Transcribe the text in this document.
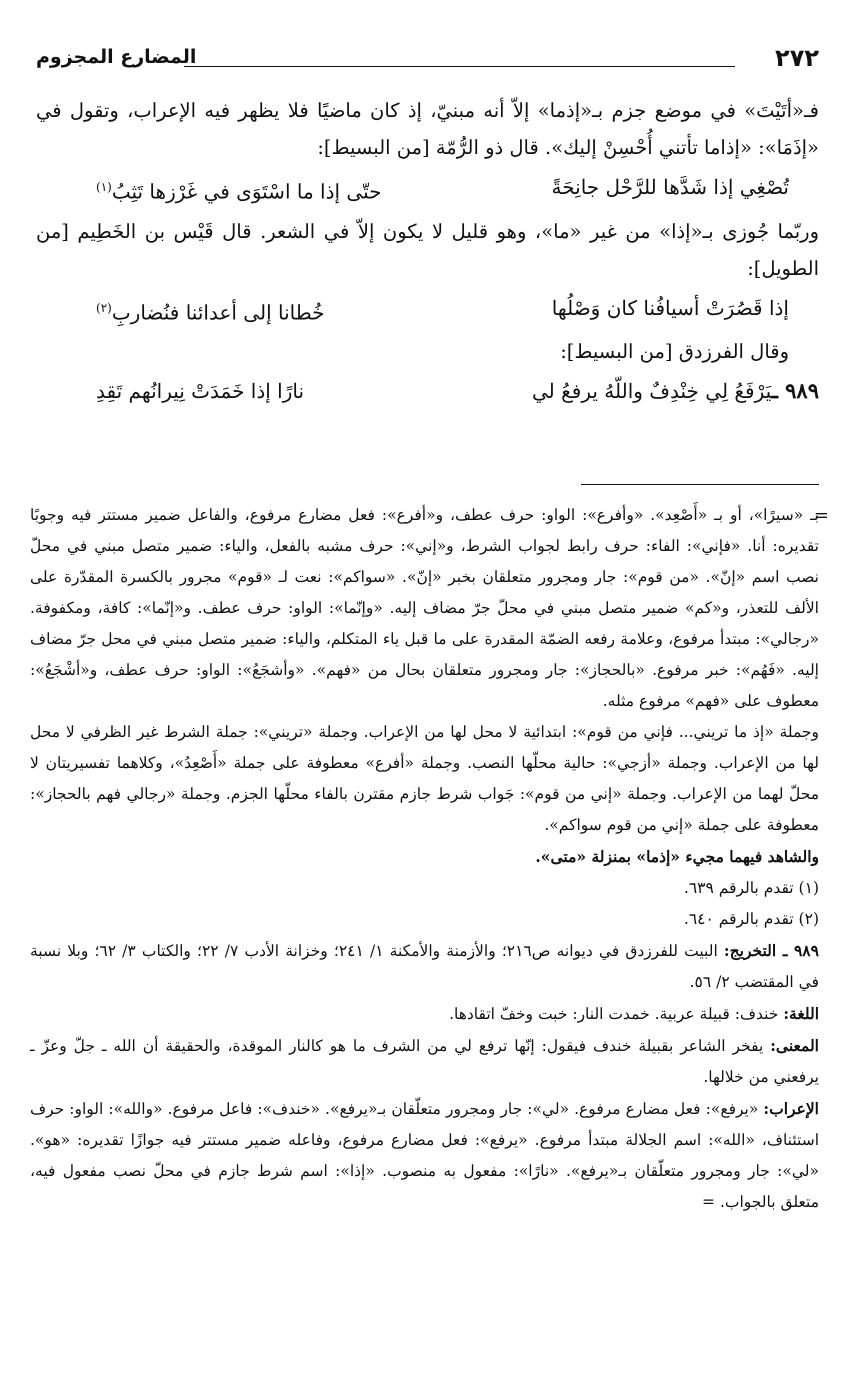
٢٧٢
المضارع المجزوم

فـ«أتَيْتَ» في موضع جزم بـ«إذما» إلاّ أنه مبنيّ، إذ كان ماضيًا فلا يظهر فيه الإعراب، وتقول في «إذَمَا»: «إذاما تأتني أُحْسِنْ إليك». قال ذو الرُّمّة [من البسيط]:

تُصْغِي إذا شَدَّها للرَّحْل جانِحَةً
حتّى إذا ما اسْتَوَى في غَرْزها تَثِبُ$^{(١)}$

وربّما جُوزى بـ«إذا» من غير «ما»، وهو قليل لا يكون إلاّ في الشعر. قال قَيْس بن الخَطِيم [من الطويل]:

إذا قَصُرَتْ أسيافُنا كان وَصْلُها
خُطانا إلى أعدائنا فنُضاربِ$^{(٢)}$

وقال الفرزدق [من البسيط]:

٩٨٩ ـيَرْفَعُ لِي خِنْدِفٌ واللّهُ يرفعُ لي
نارًا إذا خَمَدَتْ نِيرانُهم تَقِدِ
=

بـ «سيرًا»، أو بـ «أَصْعِد». «وأفرع»: الواو: حرف عطف، و«أفرع»: فعل مضارع مرفوع، والفاعل ضمير مستتر فيه وجوبًا تقديره: أنا. «فإني»: الفاء: حرف رابط لجواب الشرط، و«إني»: حرف مشبه بالفعل، والياء: ضمير متصل مبني في محلّ نصب اسم «إنّ». «من قوم»: جار ومجرور متعلقان بخبر «إنّ». «سواكم»: نعت لـ «قوم» مجرور بالكسرة المقدّرة على الألف للتعذر، و«كم» ضمير متصل مبني في محلّ جرّ مضاف إليه. «وإنّما»: الواو: حرف عطف. و«إنّما»: كافة، ومكفوفة. «رجالي»: مبتدأ مرفوع، وعلامة رفعه الضمّة المقدرة على ما قبل ياء المتكلم، والياء: ضمير متصل مبني في محل جرّ مضاف إليه. «فَهُم»: خبر مرفوع. «بالحجاز»: جار ومجرور متعلقان بحال من «فهم». «وأشجَعُ»: الواو: حرف عطف، و«أشْجَعُ»: معطوف على «فهم» مرفوع مثله.

وجملة «إذ ما تريني... فإني من قوم»: ابتدائية لا محل لها من الإعراب. وجملة «تريني»: جملة الشرط غير الظرفي لا محل لها من الإعراب. وجملة «أزجي»: حالية محلّها النصب. وجملة «أفرع» معطوفة على جملة «أَصْعِدُ»، وكلاهما تفسيريتان لا محلّ لهما من الإعراب. وجملة «إني من قوم»: جَواب شرط جازم مقترن بالفاء محلّها الجزم. وجملة «رجالي فهم بالحجاز»: معطوفة على جملة «إني من قوم سواكم».

والشاهد فيهما مجيء «إذما» بمنزلة «متى».

(١) تقدم بالرقم ٦٣٩.

(٢) تقدم بالرقم ٦٤٠.

٩٨٩ ـ التخريج: البيت للفرزدق في ديوانه ص٢١٦؛ والأزمنة والأمكنة ١/ ٢٤١؛ وخزانة الأدب ٧/ ٢٢؛ والكتاب ٣/ ٦٢؛ وبلا نسبة في المقتضب ٢/ ٥٦.

اللغة: خندف: قبيلة عربية. خمدت النار: خبت وخفّ اتقادها.

المعنى: يفخر الشاعر بقبيلة خندف فيقول: إنّها ترفع لي من الشرف ما هو كالنار الموقدة، والحقيقة أن الله ـ جلّ وعزّ ـ يرفعني من خلالها.

الإعراب: «يرفع»: فعل مضارع مرفوع. «لي»: جار ومجرور متعلّقان بـ«يرفع». «خندف»: فاعل مرفوع. «والله»: الواو: حرف استئناف، «الله»: اسم الجلالة مبتدأ مرفوع. «يرفع»: فعل مضارع مرفوع، وفاعله ضمير مستتر فيه جوازًا تقديره: «هو». «لي»: جار ومجرور متعلّقان بـ«يرفع». «نارًا»: مفعول به منصوب. «إذا»: اسم شرط جازم في محلّ نصب مفعول فيه، متعلق بالجواب. =
